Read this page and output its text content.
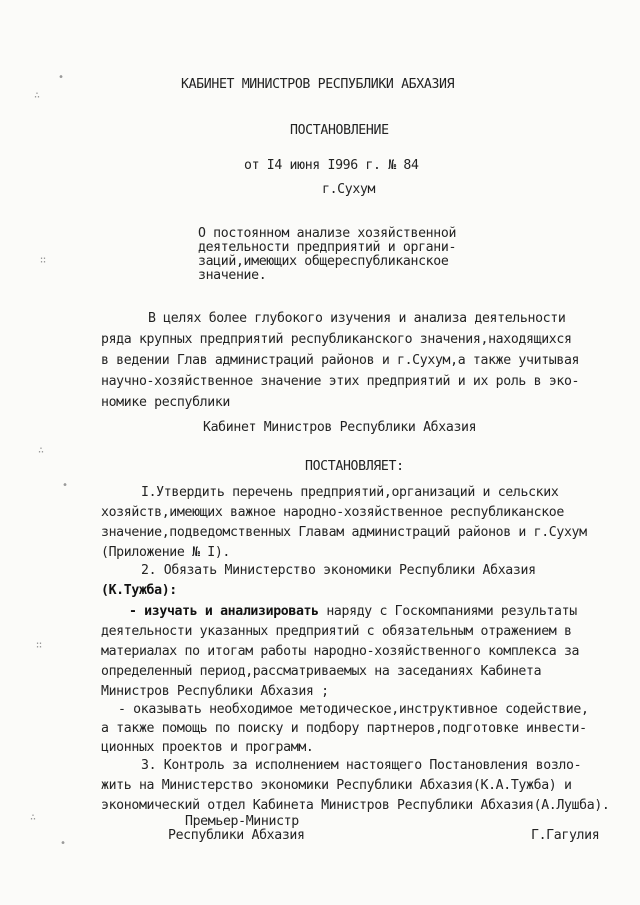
∴
•
∷
∴
•
∷
∴
•
КАБИНЕТ МИНИСТРОВ РЕСПУБЛИКИ АБХАЗИЯ
ПОСТАНОВЛЕНИЕ
от I4 июня I996 г. № 84
г.Сухум
О постоянном анализе хозяйственной
деятельности предприятий и органи-
заций,имеющих общереспубликанское
значение.
В целях более глубокого изучения и анализа деятельности
ряда крупных предприятий республиканского значения,находящихся
в ведении Глав администраций районов и г.Сухум,а также учитывая
научно-хозяйственное значение этих предприятий и их роль в эко-
номике республики
Кабинет Министров Республики Абхазия
ПОСТАНОВЛЯЕТ:
I.Утвердить перечень предприятий,организаций и сельских
хозяйств,имеющих важное народно-хозяйственное республиканское
значение,подведомственных Главам администраций районов и г.Сухум
(Приложение № I).
2. Обязать Министерство экономики Республики Абхазия
(К.Тужба):
- изучать и анализировать наряду с Госкомпаниями результаты
деятельности указанных предприятий с обязательным отражением в
материалах по итогам работы народно-хозяйственного комплекса за
определенный период,рассматриваемых на заседаниях Кабинета
Министров Республики Абхазия ;
- оказывать необходимое методическое,инструктивное содействие,
а также помощь по поиску и подбору партнеров,подготовке инвести-
ционных проектов и программ.
3. Контроль за исполнением настоящего Постановления возло-
жить на Министерство экономики Республики Абхазия(К.А.Тужба) и
экономический отдел Кабинета Министров Республики Абхазия(А.Лушба).
Премьер-Министр
Республики Абхазия	Г.Гагулия
